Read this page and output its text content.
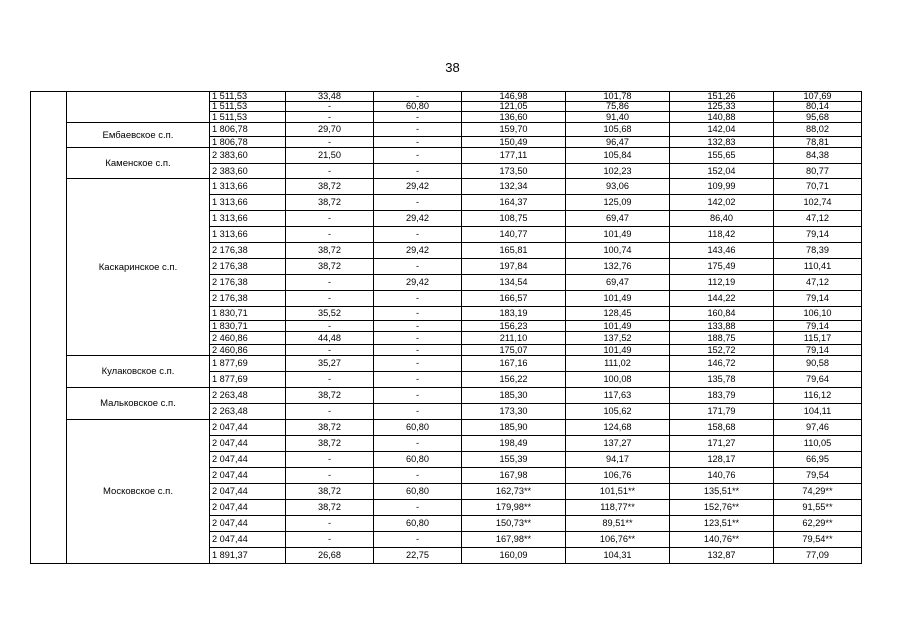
38
		1 511,53	33,48	-	146,98	101,78	151,26	107,69
		1 511,53	-	60,80	121,05	75,86	125,33	80,14
		1 511,53	-	-	136,60	91,40	140,88	95,68
	Ембаевское с.п.	1 806,78	29,70	-	159,70	105,68	142,04	88,02
		1 806,78	-	-	150,49	96,47	132,83	78,81
	Каменское с.п.	2 383,60	21,50	-	177,11	105,84	155,65	84,38
		2 383,60	-	-	173,50	102,23	152,04	80,77
	Каскаринское с.п.	1 313,66	38,72	29,42	132,34	93,06	109,99	70,71
		1 313,66	38,72	-	164,37	125,09	142,02	102,74
		1 313,66	-	29,42	108,75	69,47	86,40	47,12
		1 313,66	-	-	140,77	101,49	118,42	79,14
		2 176,38	38,72	29,42	165,81	100,74	143,46	78,39
		2 176,38	38,72	-	197,84	132,76	175,49	110,41
		2 176,38	-	29,42	134,54	69,47	112,19	47,12
		2 176,38	-	-	166,57	101,49	144,22	79,14
		1 830,71	35,52	-	183,19	128,45	160,84	106,10
		1 830,71	-	-	156,23	101,49	133,88	79,14
		2 460,86	44,48	-	211,10	137,52	188,75	115,17
		2 460,86	-	-	175,07	101,49	152,72	79,14
	Кулаковское с.п.	1 877,69	35,27	-	167,16	111,02	146,72	90,58
		1 877,69	-	-	156,22	100,08	135,78	79,64
	Мальковское с.п.	2 263,48	38,72	-	185,30	117,63	183,79	116,12
		2 263,48	-	-	173,30	105,62	171,79	104,11
	Московское с.п.	2 047,44	38,72	60,80	185,90	124,68	158,68	97,46
		2 047,44	38,72	-	198,49	137,27	171,27	110,05
		2 047,44	-	60,80	155,39	94,17	128,17	66,95
		2 047,44	-	-	167,98	106,76	140,76	79,54
		2 047,44	38,72	60,80	162,73**	101,51**	135,51**	74,29**
		2 047,44	38,72	-	179,98**	118,77**	152,76**	91,55**
		2 047,44	-	60,80	150,73**	89,51**	123,51**	62,29**
		2 047,44	-	-	167,98**	106,76**	140,76**	79,54**
		1 891,37	26,68	22,75	160,09	104,31	132,87	77,09
